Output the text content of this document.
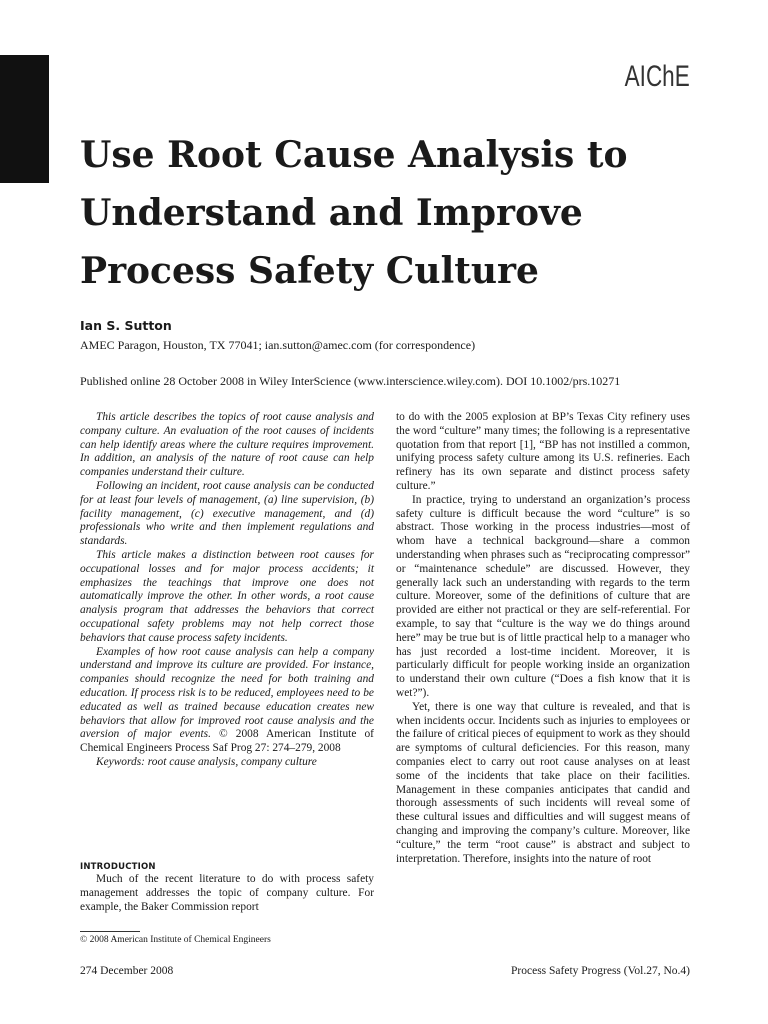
AIChE
Use Root Cause Analysis to
Understand and Improve
Process Safety Culture
Ian S. Sutton
AMEC Paragon, Houston, TX 77041; ian.sutton@amec.com (for correspondence)
Published online 28 October 2008 in Wiley InterScience (www.interscience.wiley.com). DOI 10.1002/prs.10271

This article describes the topics of root cause analysis and company culture. An evaluation of the root causes of incidents can help identify areas where the culture requires improvement. In addition, an analysis of the nature of root cause can help companies understand their culture.

Following an incident, root cause analysis can be conducted for at least four levels of management, (a) line supervision, (b) facility management, (c) executive management, and (d) professionals who write and then implement regulations and standards.

This article makes a distinction between root causes for occupational losses and for major process accidents; it emphasizes the teachings that improve one does not automatically improve the other. In other words, a root cause analysis program that addresses the behaviors that correct occupational safety problems may not help correct those behaviors that cause process safety incidents.

Examples of how root cause analysis can help a company understand and improve its culture are provided. For instance, companies should recognize the need for both training and education. If process risk is to be reduced, employees need to be educated as well as trained because education creates new behaviors that allow for improved root cause analysis and the aversion of major events. © 2008 American Institute of Chemical Engineers Process Saf Prog 27: 274–279, 2008

Keywords: root cause analysis, company culture
INTRODUCTION

Much of the recent literature to do with process safety management addresses the topic of company culture. For example, the Baker Commission report

to do with the 2005 explosion at BP’s Texas City refinery uses the word “culture” many times; the following is a representative quotation from that report [1], “BP has not instilled a common, unifying process safety culture among its U.S. refineries. Each refinery has its own separate and distinct process safety culture.”

In practice, trying to understand an organization’s process safety culture is difficult because the word “culture” is so abstract. Those working in the process industries—most of whom have a technical background—share a common understanding when phrases such as “reciprocating compressor” or “maintenance schedule” are discussed. However, they generally lack such an understanding with regards to the term culture. Moreover, some of the definitions of culture that are provided are either not practical or they are self-referential. For example, to say that “culture is the way we do things around here” may be true but is of little practical help to a manager who has just recorded a lost-time incident. Moreover, it is particularly difficult for people working inside an organization to understand their own culture (“Does a fish know that it is wet?”).

Yet, there is one way that culture is revealed, and that is when incidents occur. Incidents such as injuries to employees or the failure of critical pieces of equipment to work as they should are symptoms of cultural deficiencies. For this reason, many companies elect to carry out root cause analyses on at least some of the incidents that take place on their facilities. Management in these companies anticipates that candid and thorough assessments of such incidents will reveal some of these cultural issues and difficulties and will suggest means of changing and improving the company’s culture. Moreover, like “culture,” the term “root cause” is abstract and subject to interpretation. Therefore, insights into the nature of root

© 2008 American Institute of Chemical Engineers
274 December 2008	Process Safety Progress (Vol.27, No.4)
